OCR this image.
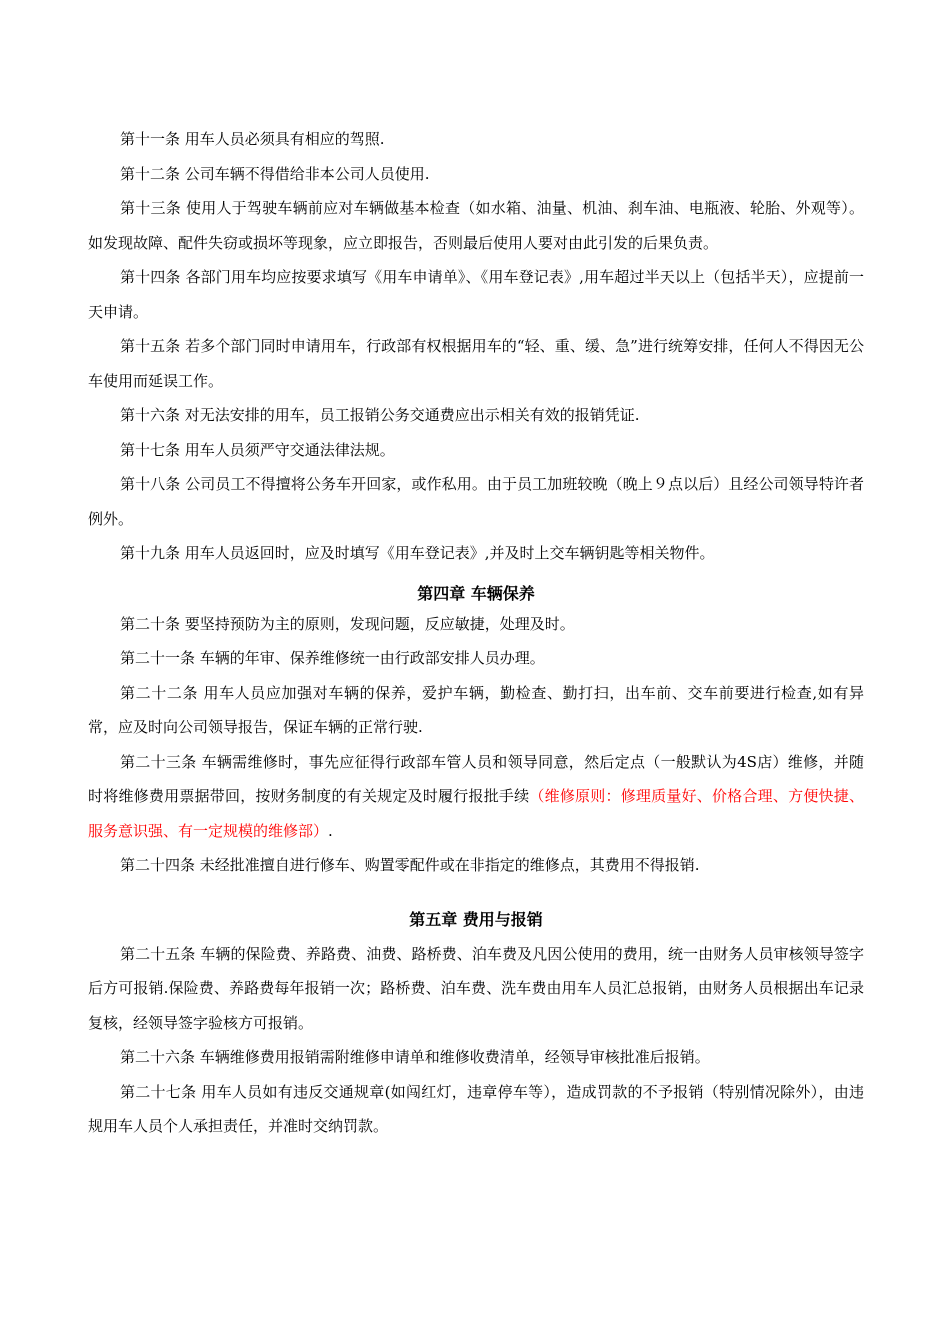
第十一条 用车人员必须具有相应的驾照.

第十二条 公司车辆不得借给非本公司人员使用.

第十三条 使用人于驾驶车辆前应对车辆做基本检查（如水箱、油量、机油、刹车油、电瓶液、轮胎、外观等）。如发现故障、配件失窃或损坏等现象，应立即报告，否则最后使用人要对由此引发的后果负责。

第十四条 各部门用车均应按要求填写《用车申请单》、《用车登记表》,用车超过半天以上（包括半天），应提前一天申请。

第十五条 若多个部门同时申请用车，行政部有权根据用车的“轻、重、缓、急”进行统筹安排，任何人不得因无公车使用而延误工作。

第十六条 对无法安排的用车，员工报销公务交通费应出示相关有效的报销凭证.

第十七条 用车人员须严守交通法律法规。

第十八条 公司员工不得擅将公务车开回家，或作私用。由于员工加班较晚（晚上９点以后）且经公司领导特许者例外。

第十九条 用车人员返回时，应及时填写《用车登记表》,并及时上交车辆钥匙等相关物件。

第四章 车辆保养

第二十条 要坚持预防为主的原则，发现问题，反应敏捷，处理及时。

第二十一条 车辆的年审、保养维修统一由行政部安排人员办理。

第二十二条 用车人员应加强对车辆的保养，爱护车辆，勤检查、勤打扫，出车前、交车前要进行检查,如有异常，应及时向公司领导报告，保证车辆的正常行驶.

第二十三条 车辆需维修时，事先应征得行政部车管人员和领导同意，然后定点（一般默认为4S店）维修，并随时将维修费用票据带回，按财务制度的有关规定及时履行报批手续（维修原则：修理质量好、价格合理、方便快捷、服务意识强、有一定规模的维修部）.

第二十四条 未经批准擅自进行修车、购置零配件或在非指定的维修点，其费用不得报销.

第五章 费用与报销

第二十五条 车辆的保险费、养路费、油费、路桥费、泊车费及凡因公使用的费用，统一由财务人员审核领导签字后方可报销.保险费、养路费每年报销一次；路桥费、泊车费、洗车费由用车人员汇总报销，由财务人员根据出车记录复核，经领导签字验核方可报销。

第二十六条 车辆维修费用报销需附维修申请单和维修收费清单，经领导审核批准后报销。

第二十七条 用车人员如有违反交通规章(如闯红灯，违章停车等），造成罚款的不予报销（特别情况除外），由违规用车人员个人承担责任，并准时交纳罚款。
